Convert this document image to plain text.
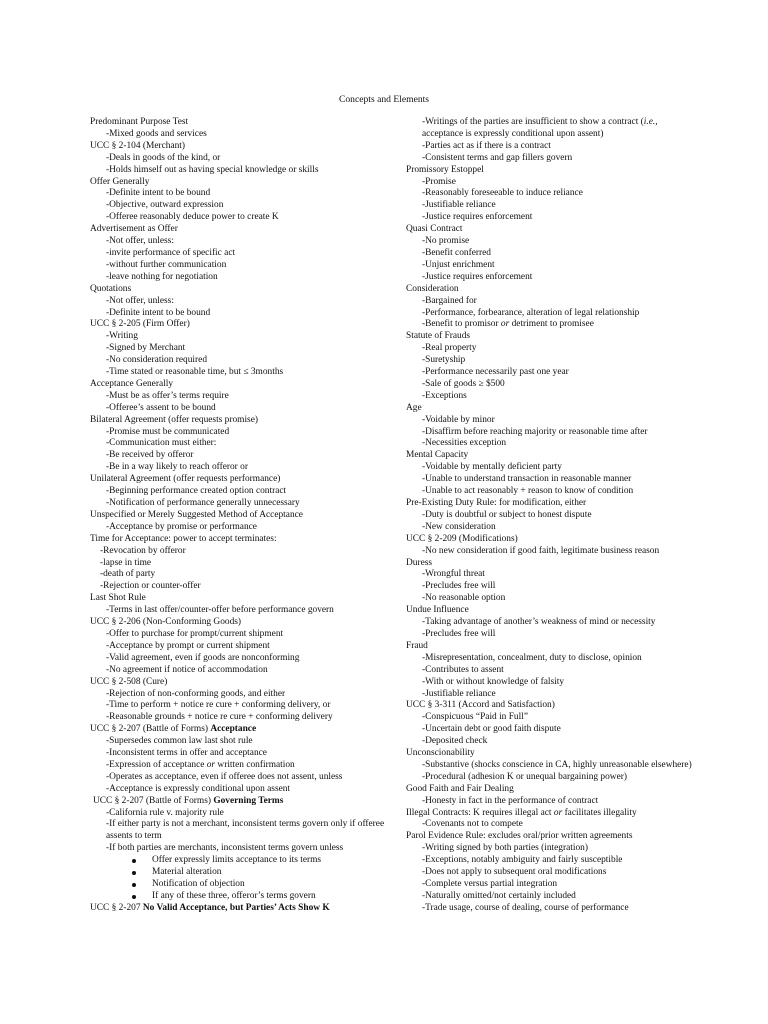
Concepts and Elements
Predominant Purpose Test
-Mixed goods and services
UCC § 2-104 (Merchant)
-Deals in goods of the kind, or
-Holds himself out as having special knowledge or skills
Offer Generally
-Definite intent to be bound
-Objective, outward expression
-Offeree reasonably deduce power to create K
Advertisement as Offer
-Not offer, unless:
-invite performance of specific act
-without further communication
-leave nothing for negotiation
Quotations
-Not offer, unless:
-Definite intent to be bound
UCC § 2-205 (Firm Offer)
-Writing
-Signed by Merchant
-No consideration required
-Time stated or reasonable time, but ≤ 3months
Acceptance Generally
-Must be as offer’s terms require
-Offeree’s assent to be bound
Bilateral Agreement (offer requests promise)
-Promise must be communicated
-Communication must either:
-Be received by offeror
-Be in a way likely to reach offeror or
Unilateral Agreement (offer requests performance)
-Beginning performance created option contract
-Notification of performance generally unnecessary
Unspecified or Merely Suggested Method of Acceptance
-Acceptance by promise or performance
Time for Acceptance: power to accept terminates:
-Revocation by offeror
-lapse in time
-death of party
-Rejection or counter-offer
Last Shot Rule
-Terms in last offer/counter-offer before performance govern
UCC § 2-206 (Non-Conforming Goods)
-Offer to purchase for prompt/current shipment
-Acceptance by prompt or current shipment
-Valid agreement, even if goods are nonconforming
-No agreement if notice of accommodation
UCC § 2-508 (Cure)
-Rejection of non-conforming goods, and either
-Time to perform + notice re cure + conforming delivery, or
-Reasonable grounds + notice re cure + conforming delivery
UCC § 2-207 (Battle of Forms) Acceptance
-Supersedes common law last shot rule
-Inconsistent terms in offer and acceptance
-Expression of acceptance or written confirmation
-Operates as acceptance, even if offeree does not assent, unless
-Acceptance is expressly conditional upon assent
UCC § 2-207 (Battle of Forms) Governing Terms
-California rule v. majority rule
-If either party is not a merchant, inconsistent terms govern only if offeree assents to term
-If both parties are merchants, inconsistent terms govern unless
Offer expressly limits acceptance to its terms
Material alteration
Notification of objection
If any of these three, offeror’s terms govern
UCC § 2-207 No Valid Acceptance, but Parties’ Acts Show K
-Writings of the parties are insufficient to show a contract (i.e., acceptance is expressly conditional upon assent)
-Parties act as if there is a contract
-Consistent terms and gap fillers govern
Promissory Estoppel
-Promise
-Reasonably foreseeable to induce reliance
-Justifiable reliance
-Justice requires enforcement
Quasi Contract
-No promise
-Benefit conferred
-Unjust enrichment
-Justice requires enforcement
Consideration
-Bargained for
-Performance, forbearance, alteration of legal relationship
-Benefit to promisor or detriment to promisee
Statute of Frauds
-Real property
-Suretyship
-Performance necessarily past one year
-Sale of goods ≥ $500
-Exceptions
Age
-Voidable by minor
-Disaffirm before reaching majority or reasonable time after
-Necessities exception
Mental Capacity
-Voidable by mentally deficient party
-Unable to understand transaction in reasonable manner
-Unable to act reasonably + reason to know of condition
Pre-Existing Duty Rule: for modification, either
-Duty is doubtful or subject to honest dispute
-New consideration
UCC § 2-209 (Modifications)
-No new consideration if good faith, legitimate business reason
Duress
-Wrongful threat
-Precludes free will
-No reasonable option
Undue Influence
-Taking advantage of another’s weakness of mind or necessity
-Precludes free will
Fraud
-Misrepresentation, concealment, duty to disclose, opinion
-Contributes to assent
-With or without knowledge of falsity
-Justifiable reliance
UCC § 3-311 (Accord and Satisfaction)
-Conspicuous “Paid in Full”
-Uncertain debt or good faith dispute
-Deposited check
Unconscionability
-Substantive (shocks conscience in CA, highly unreasonable elsewhere)
-Procedural (adhesion K or unequal bargaining power)
Good Faith and Fair Dealing
-Honesty in fact in the performance of contract
Illegal Contracts: K requires illegal act or facilitates illegality
-Covenants not to compete
Parol Evidence Rule: excludes oral/prior written agreements
-Writing signed by both parties (integration)
-Exceptions, notably ambiguity and fairly susceptible
-Does not apply to subsequent oral modifications
-Complete versus partial integration
-Naturally omitted/not certainly included
-Trade usage, course of dealing, course of performance
